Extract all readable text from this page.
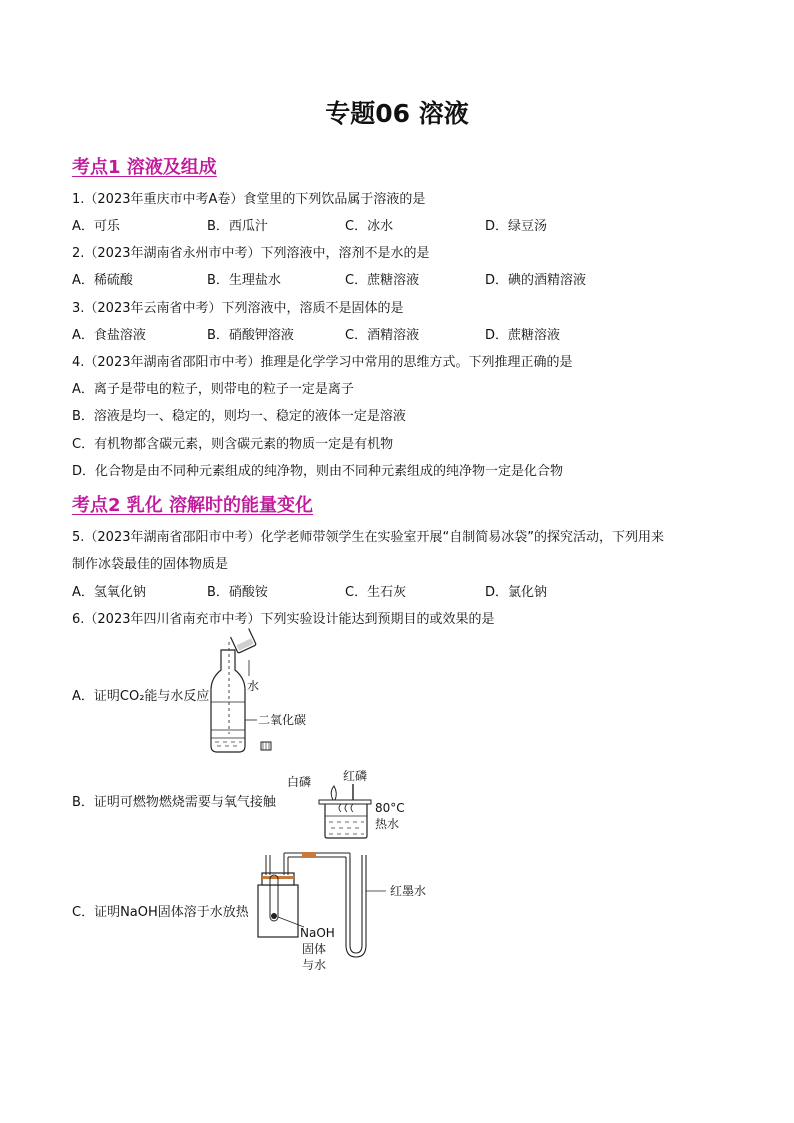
专题06 溶液
考点1 溶液及组成
1.（2023年重庆市中考A卷）食堂里的下列饮品属于溶液的是
A．可乐	B．西瓜汁	C．冰水	D．绿豆汤
2.（2023年湖南省永州市中考）下列溶液中，溶剂不是水的是
A．稀硫酸	B．生理盐水	C．蔗糖溶液	D．碘的酒精溶液
3.（2023年云南省中考）下列溶液中，溶质不是固体的是
A．食盐溶液	B．硝酸钾溶液	C．酒精溶液	D．蔗糖溶液
4.（2023年湖南省邵阳市中考）推理是化学学习中常用的思维方式。下列推理正确的是
A．离子是带电的粒子，则带电的粒子一定是离子
B．溶液是均一、稳定的，则均一、稳定的液体一定是溶液
C．有机物都含碳元素，则含碳元素的物质一定是有机物
D．化合物是由不同种元素组成的纯净物，则由不同种元素组成的纯净物一定是化合物
考点2 乳化 溶解时的能量变化
5.（2023年湖南省邵阳市中考）化学老师带领学生在实验室开展“自制简易冰袋”的探究活动，下列用来
制作冰袋最佳的固体物质是
A．氢氧化钠	B．硝酸铵	C．生石灰	D．氯化钠
6.（2023年四川省南充市中考）下列实验设计能达到预期目的或效果的是
A．证明CO₂能与水反应
水
二氧化碳
B．证明可燃物燃烧需要与氧气接触
白磷	红磷
80°C
热水
C．证明NaOH固体溶于水放热
红墨水
NaOH
固体
与水
